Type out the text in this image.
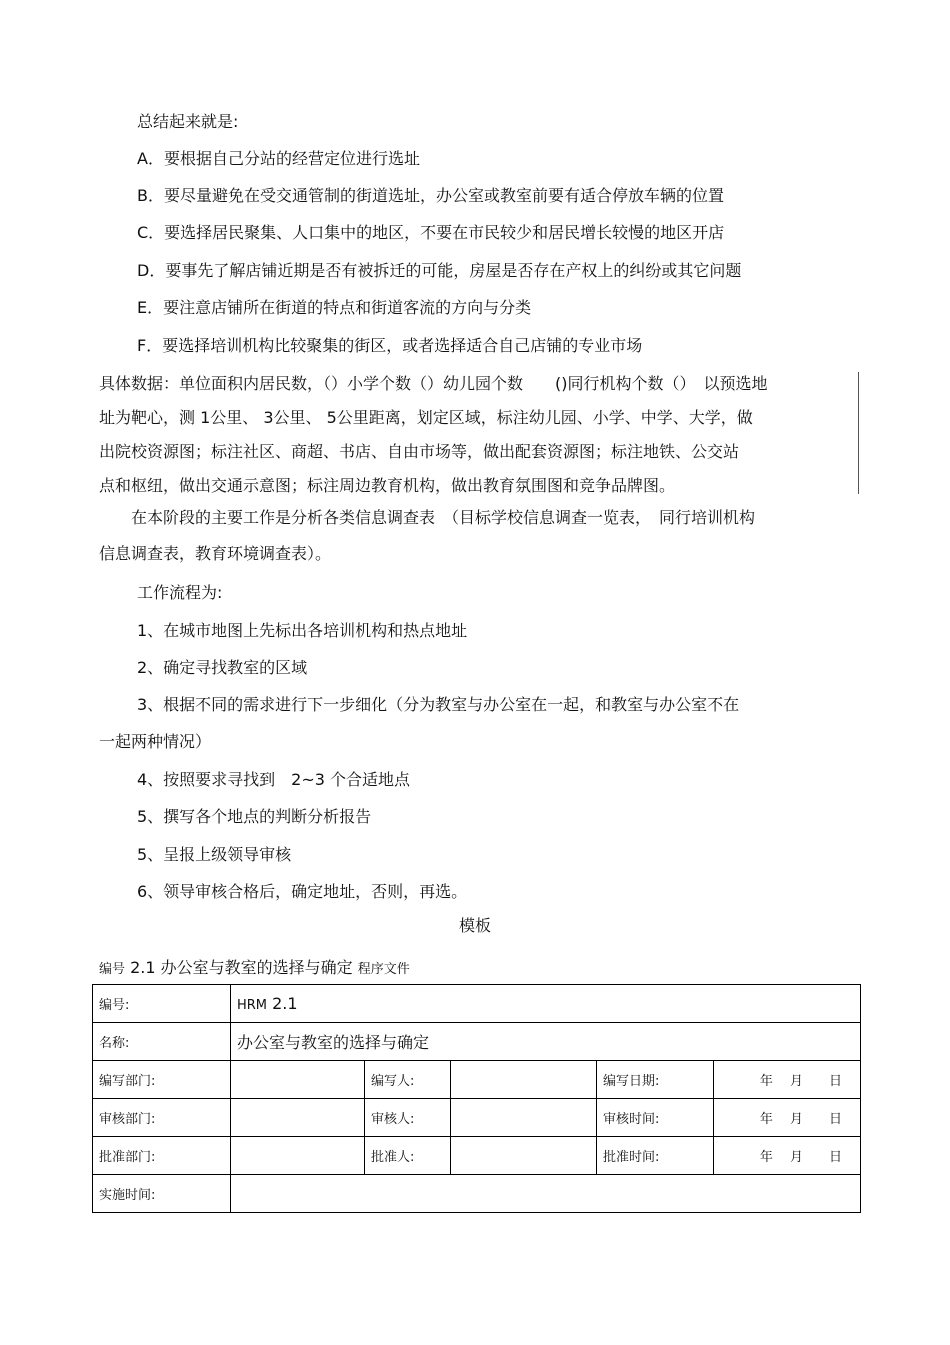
总结起来就是:
A．要根据自己分站的经营定位进行选址
B．要尽量避免在受交通管制的街道选址，办公室或教室前要有适合停放车辆的位置
C．要选择居民聚集、人口集中的地区，不要在市民较少和居民增长较慢的地区开店
D．要事先了解店铺近期是否有被拆迁的可能，房屋是否存在产权上的纠纷或其它问题
E．要注意店铺所在街道的特点和街道客流的方向与分类
F．要选择培训机构比较聚集的街区，或者选择适合自己店铺的专业市场
具体数据：单位面积内居民数，（）小学个数（）幼儿园个数　　()同行机构个数（）　以预选地
址为靶心，测 1公里、 3公里、 5公里距离，划定区域，标注幼儿园、小学、中学、大学，做
出院校资源图；标注社区、商超、书店、自由市场等，做出配套资源图；标注地铁、公交站
点和枢纽，做出交通示意图；标注周边教育机构，做出教育氛围图和竞争品牌图。
　　在本阶段的主要工作是分析各类信息调查表　（目标学校信息调查一览表，　同行培训机构
信息调查表，教育环境调查表）。
工作流程为:
1、在城市地图上先标出各培训机构和热点地址
2、确定寻找教室的区域
3、根据不同的需求进行下一步细化（分为教室与办公室在一起，和教室与办公室不在
一起两种情况）
4、按照要求寻找到　2~3 个合适地点
5、撰写各个地点的判断分析报告
5、呈报上级领导审核
6、领导审核合格后，确定地址，否则，再选。
模板
编号 2.1 办公室与教室的选择与确定 程序文件
编号:	HRM 2.1				
名称:	办公室与教室的选择与确定				
编写部门:		编写人:		编写日期:	年　 月　　日
审核部门:		审核人:		审核时间:	年　 月　　日
批准部门:		批准人:		批准时间:	年　 月　　日
实施时间:					
